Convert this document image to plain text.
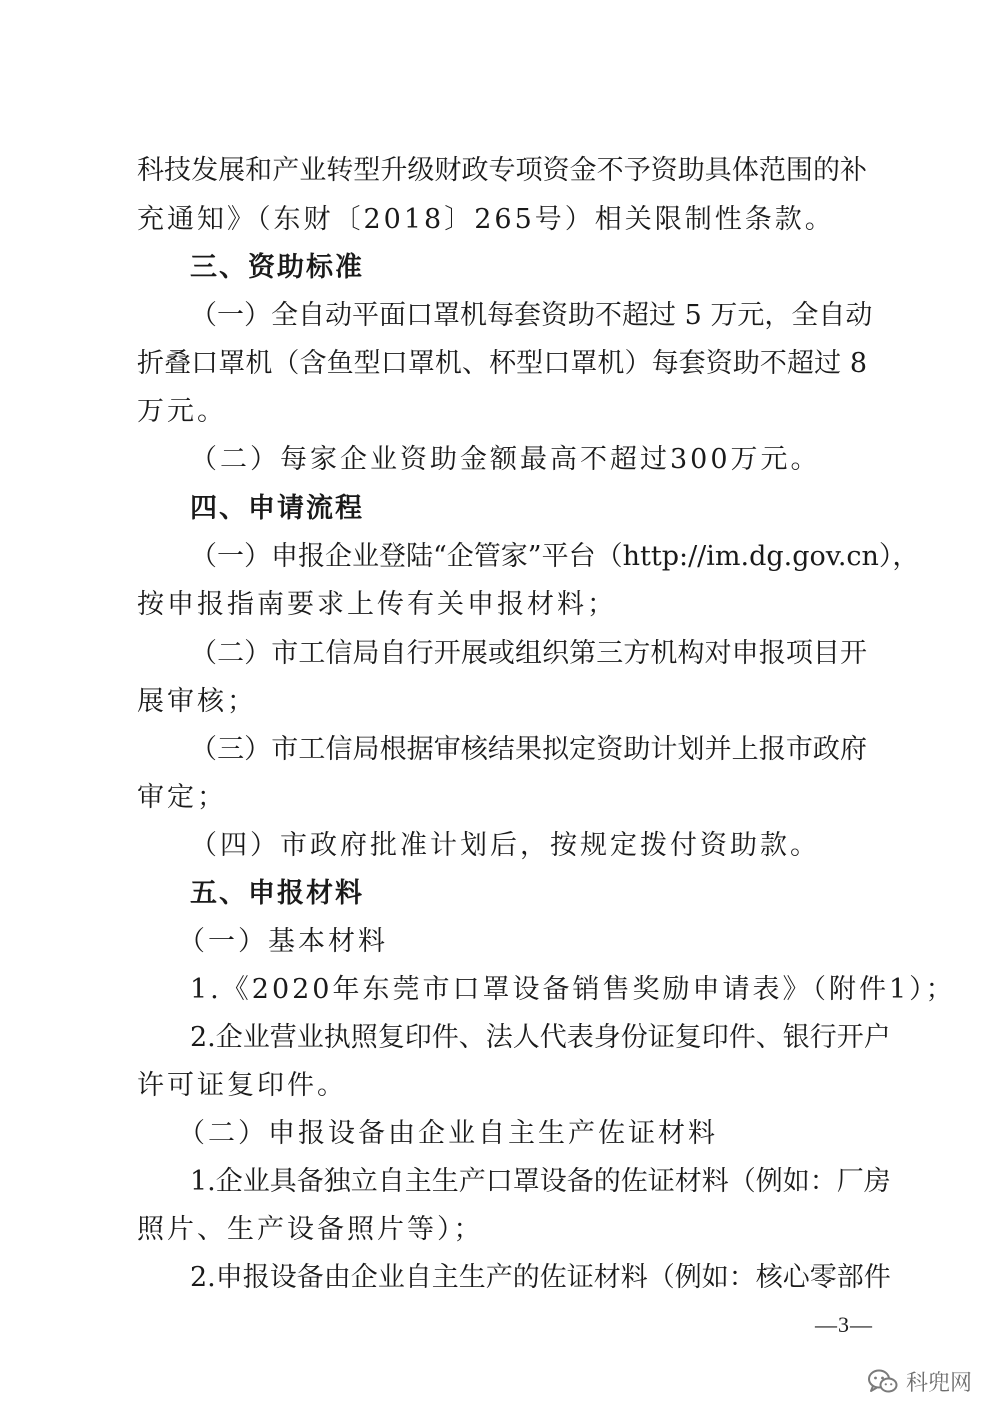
科技发展和产业转型升级财政专项资金不予资助具体范围的补
充通知》（东财〔2018〕265号）相关限制性条款。
三、资助标准
（一）全自动平面口罩机每套资助不超过 5 万元，全自动
折叠口罩机（含鱼型口罩机、杯型口罩机）每套资助不超过 8
万元。
（二）每家企业资助金额最高不超过300万元。
四、申请流程
（一）申报企业登陆“企管家”平台（http://im.dg.gov.cn），
按申报指南要求上传有关申报材料；
（二）市工信局自行开展或组织第三方机构对申报项目开
展审核；
（三）市工信局根据审核结果拟定资助计划并上报市政府
审定；
（四）市政府批准计划后，按规定拨付资助款。
五、申报材料
（一）基本材料
1.《2020年东莞市口罩设备销售奖励申请表》（附件1）；
2.企业营业执照复印件、法人代表身份证复印件、银行开户
许可证复印件。
（二）申报设备由企业自主生产佐证材料
1.企业具备独立自主生产口罩设备的佐证材料（例如：厂房
照片、生产设备照片等）；
2.申报设备由企业自主生产的佐证材料（例如：核心零部件
—3—
科兜网
